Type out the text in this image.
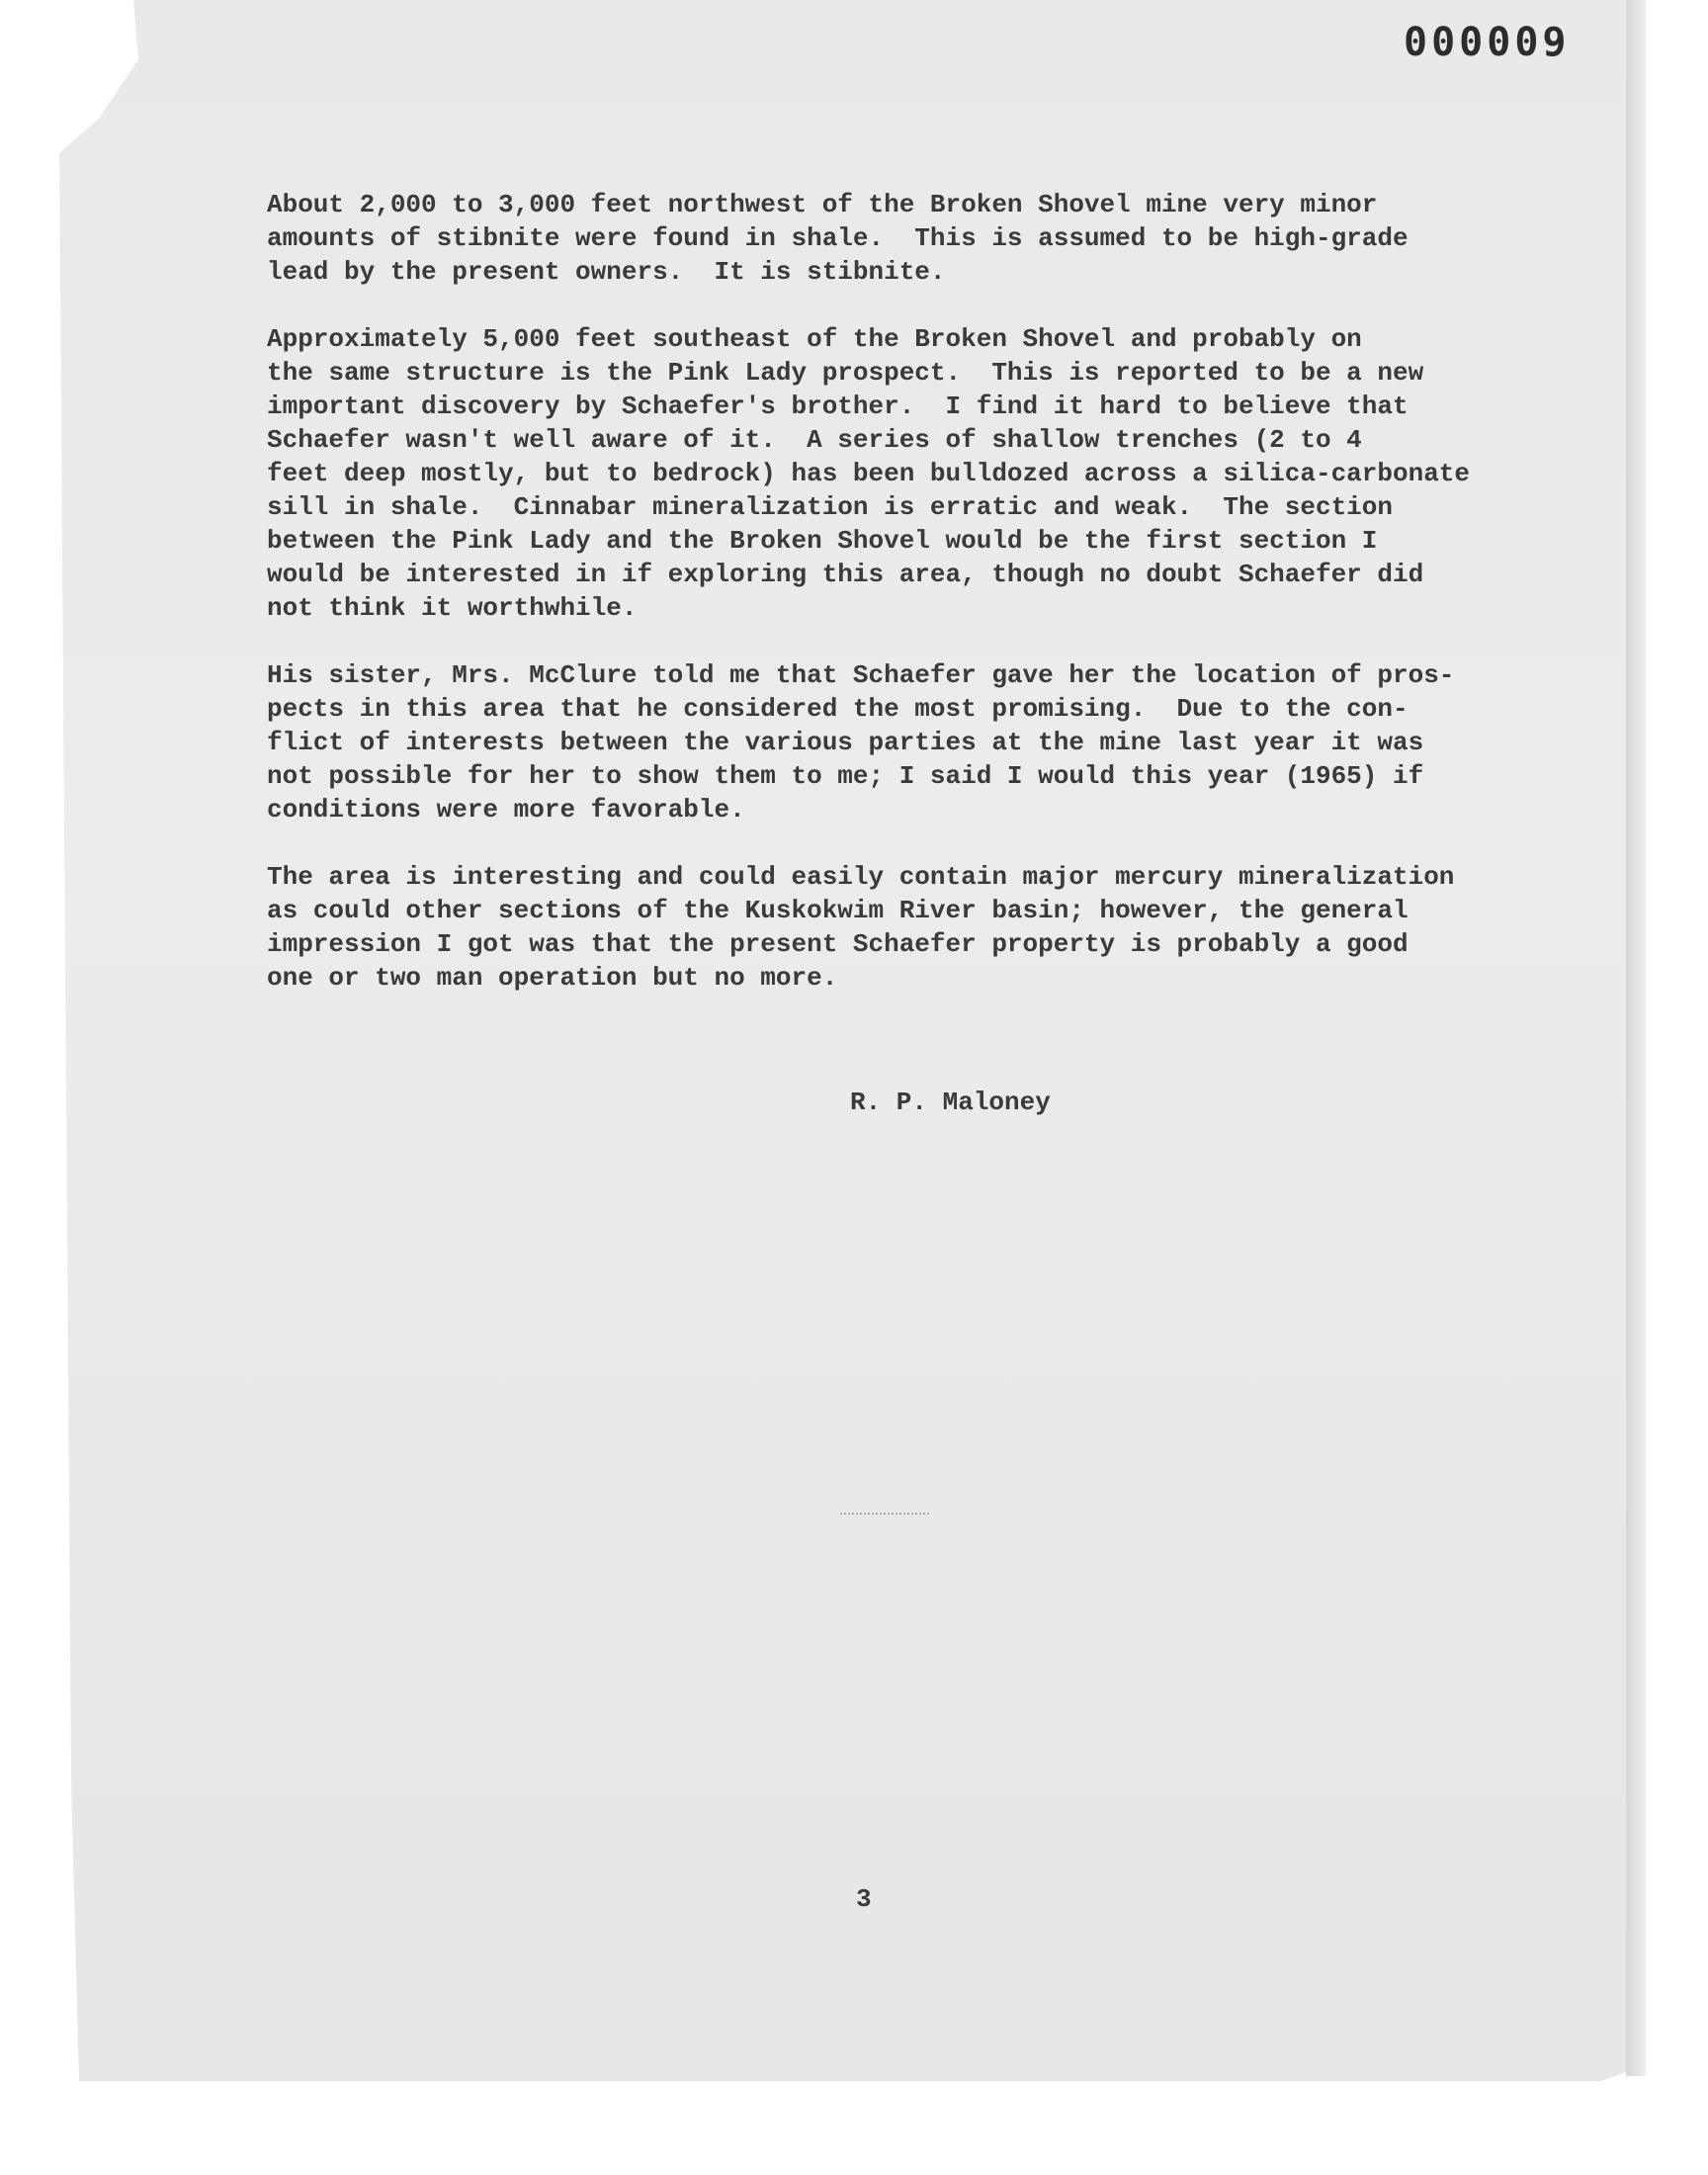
000009

About 2,000 to 3,000 feet northwest of the Broken Shovel mine very minor
amounts of stibnite were found in shale.  This is assumed to be high-grade
lead by the present owners.  It is stibnite.

Approximately 5,000 feet southeast of the Broken Shovel and probably on
the same structure is the Pink Lady prospect.  This is reported to be a new
important discovery by Schaefer's brother.  I find it hard to believe that
Schaefer wasn't well aware of it.  A series of shallow trenches (2 to 4
feet deep mostly, but to bedrock) has been bulldozed across a silica-carbonate
sill in shale.  Cinnabar mineralization is erratic and weak.  The section
between the Pink Lady and the Broken Shovel would be the first section I
would be interested in if exploring this area, though no doubt Schaefer did
not think it worthwhile.

His sister, Mrs. McClure told me that Schaefer gave her the location of pros-
pects in this area that he considered the most promising.  Due to the con-
flict of interests between the various parties at the mine last year it was
not possible for her to show them to me; I said I would this year (1965) if
conditions were more favorable.

The area is interesting and could easily contain major mercury mineralization
as could other sections of the Kuskokwim River basin; however, the general
impression I got was that the present Schaefer property is probably a good
one or two man operation but no more.

R. P. Maloney
3
